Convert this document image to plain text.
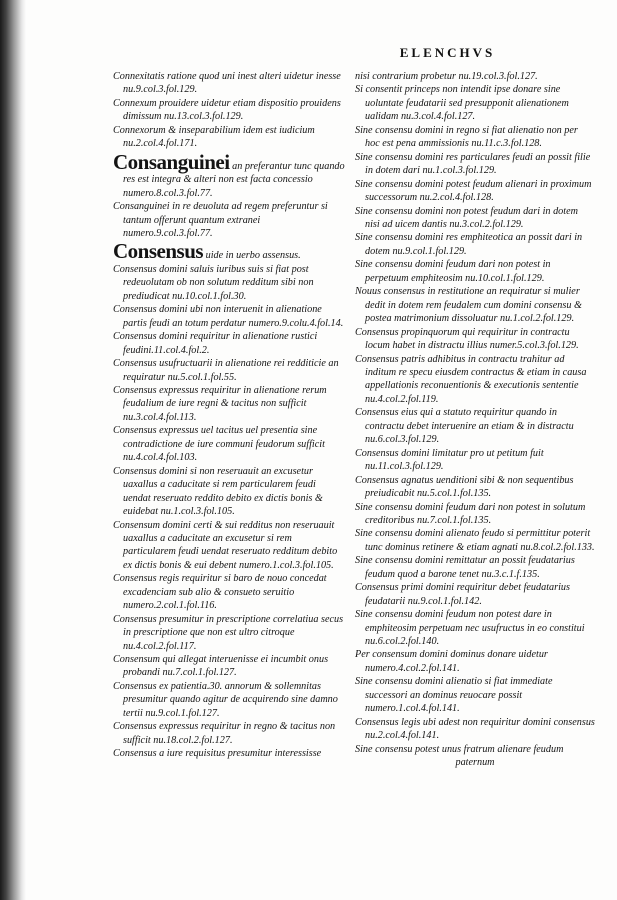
ELENCHVS

Connexitatis ratione quod uni inest alteri uidetur inesse nu.9.col.3.fol.129.

Connexum prouidere uidetur etiam dispositio prouidens dimissum nu.13.col.3.fol.129.

Connexorum & inseparabilium idem est iudicium nu.2.col.4.fol.171.

Consanguinei an preferantur tunc quando res est integra & alteri non est facta concessio numero.8.col.3.fol.77.

Consanguinei in re deuoluta ad regem preferuntur si tantum offerunt quantum extranei numero.9.col.3.fol.77.

Consensus uide in uerbo assensus.

Consensus domini saluis iuribus suis si fiat post redeuolutam ob non solutum redditum sibi non prediudicat nu.10.col.1.fol.30.

Consensus domini ubi non interuenit in alienatione partis feudi an totum perdatur numero.9.colu.4.fol.14.

Consensus domini requiritur in alienatione rustici feudini.11.col.4.fol.2.

Consensus usufructuarii in alienatione rei redditicie an requiratur nu.5.col.1.fol.55.

Consensus expressus requiritur in alienatione rerum feudalium de iure regni & tacitus non sufficit nu.3.col.4.fol.113.

Consensus expressus uel tacitus uel presentia sine contradictione de iure communi feudorum sufficit nu.4.col.4.fol.103.

Consensus domini si non reseruauit an excusetur uaxallus a caducitate si rem particularem feudi uendat reseruato reddito debito ex dictis bonis & euidebat nu.1.col.3.fol.105.

Consensum domini certi & sui redditus non reseruauit uaxallus a caducitate an excusetur si rem particularem feudi uendat reseruato redditum debito ex dictis bonis & eui debent numero.1.col.3.fol.105.

Consensus regis requiritur si baro de nouo concedat excadenciam sub alio & consueto seruitio numero.2.col.1.fol.116.

Consensus presumitur in prescriptione correlatiua secus in prescriptione que non est ultro citroque nu.4.col.2.fol.117.

Consensum qui allegat interuenisse ei incumbit onus probandi nu.7.col.1.fol.127.

Consensus ex patientia.30. annorum & sollemnitas presumitur quando agitur de acquirendo sine damno tertii nu.9.col.1.fol.127.

Consensus expressus requiritur in regno & tacitus non sufficit nu.18.col.2.fol.127.

Consensus a iure requisitus presumitur interessisse

nisi contrarium probetur nu.19.col.3.fol.127.

Si consentit princeps non intendit ipse donare sine uoluntate feudatarii sed presupponit alienationem ualidam nu.3.col.4.fol.127.

Sine consensu domini in regno si fiat alienatio non per hoc est pena ammissionis nu.11.c.3.fol.128.

Sine consensu domini res particulares feudi an possit filie in dotem dari nu.1.col.3.fol.129.

Sine consensu domini potest feudum alienari in proximum successorum nu.2.col.4.fol.128.

Sine consensu domini non potest feudum dari in dotem nisi ad uicem dantis nu.3.col.2.fol.129.

Sine consensu domini res emphiteotica an possit dari in dotem nu.9.col.1.fol.129.

Sine consensu domini feudum dari non potest in perpetuum emphiteosim nu.10.col.1.fol.129.

Nouus consensus in restitutione an requiratur si mulier dedit in dotem rem feudalem cum domini consensu & postea matrimonium dissoluatur nu.1.col.2.fol.129.

Consensus propinquorum qui requiritur in contractu locum habet in distractu illius numer.5.col.3.fol.129.

Consensus patris adhibitus in contractu trahitur ad inditum re specu eiusdem contractus & etiam in causa appellationis reconuentionis & executionis sententie nu.4.col.2.fol.119.

Consensus eius qui a statuto requiritur quando in contractu debet interuenire an etiam & in distractu nu.6.col.3.fol.129.

Consensus domini limitatur pro ut petitum fuit nu.11.col.3.fol.129.

Consensus agnatus uenditioni sibi & non sequentibus preiudicabit nu.5.col.1.fol.135.

Sine consensu domini feudum dari non potest in solutum creditoribus nu.7.col.1.fol.135.

Sine consensu domini alienato feudo si permittitur poterit tunc dominus retinere & etiam agnati nu.8.col.2.fol.133.

Sine consensu domini remittatur an possit feudatarius feudum quod a barone tenet nu.3.c.1.f.135.

Consensus primi domini requiritur debet feudatarius feudatarii nu.9.col.1.fol.142.

Sine consensu domini feudum non potest dare in emphiteosim perpetuam nec usufructus in eo constitui nu.6.col.2.fol.140.

Per consensum domini dominus donare uidetur numero.4.col.2.fol.141.

Sine consensu domini alienatio si fiat immediate successori an dominus reuocare possit numero.1.col.4.fol.141.

Consensus legis ubi adest non requiritur domini consensus nu.2.col.4.fol.141.

Sine consensu potest unus fratrum alienare feudum

paternum
